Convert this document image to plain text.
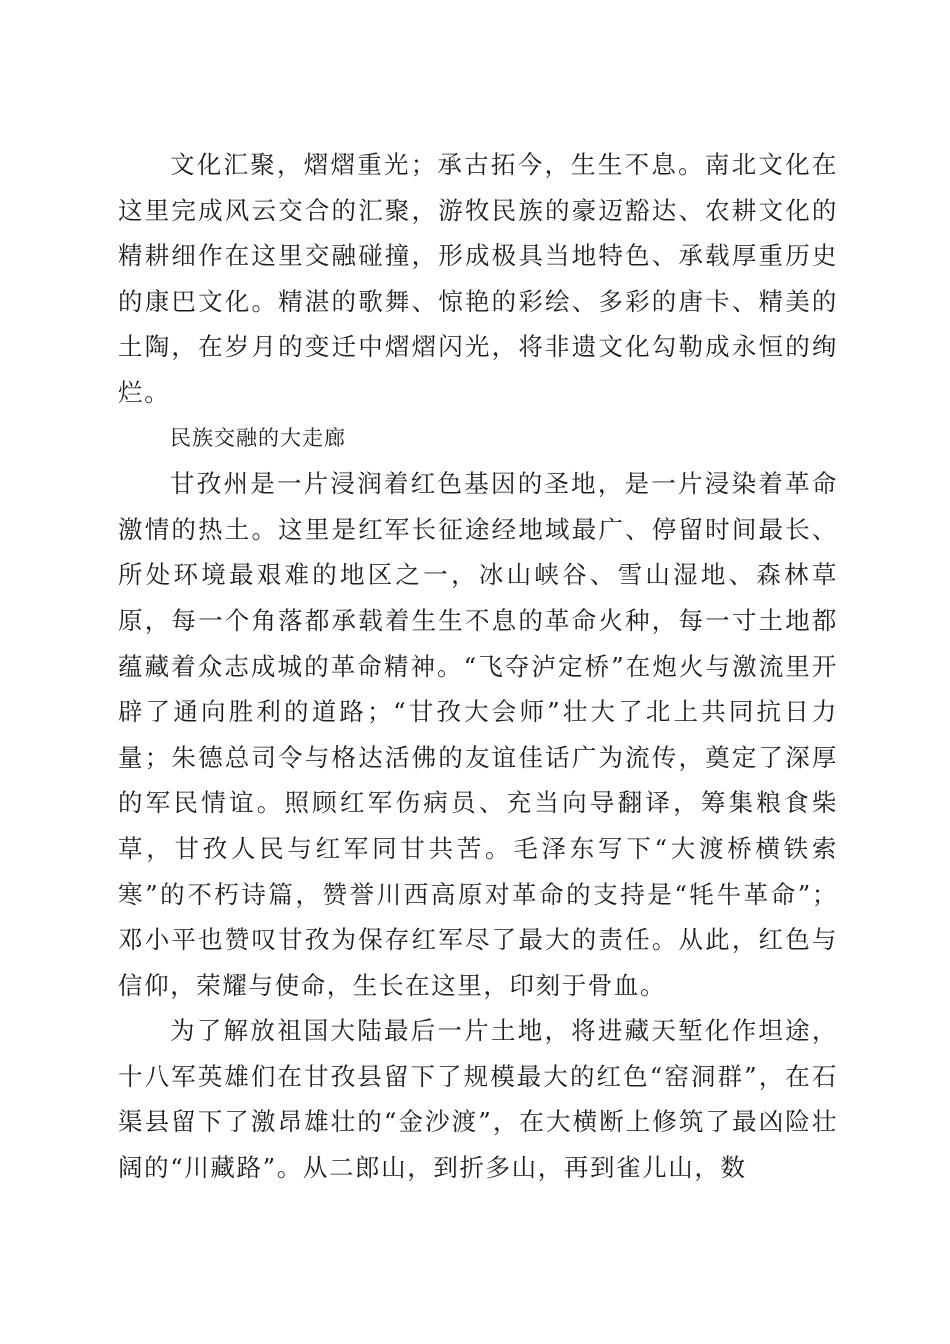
文化汇聚，熠熠重光；承古拓今，生生不息。南北文化在这里完成风云交合的汇聚，游牧民族的豪迈豁达、农耕文化的精耕细作在这里交融碰撞，形成极具当地特色、承载厚重历史的康巴文化。精湛的歌舞、惊艳的彩绘、多彩的唐卡、精美的土陶，在岁月的变迁中熠熠闪光，将非遗文化勾勒成永恒的绚烂。

民族交融的大走廊

甘孜州是一片浸润着红色基因的圣地，是一片浸染着革命激情的热土。这里是红军长征途经地域最广、停留时间最长、所处环境最艰难的地区之一，冰山峡谷、雪山湿地、森林草原，每一个角落都承载着生生不息的革命火种，每一寸土地都蕴藏着众志成城的革命精神。“飞夺泸定桥”在炮火与激流里开辟了通向胜利的道路；“甘孜大会师”壮大了北上共同抗日力量；朱德总司令与格达活佛的友谊佳话广为流传，奠定了深厚的军民情谊。照顾红军伤病员、充当向导翻译，筹集粮食柴草，甘孜人民与红军同甘共苦。毛泽东写下“大渡桥横铁索寒”的不朽诗篇，赞誉川西高原对革命的支持是“牦牛革命”；邓小平也赞叹甘孜为保存红军尽了最大的责任。从此，红色与信仰，荣耀与使命，生长在这里，印刻于骨血。

为了解放祖国大陆最后一片土地，将进藏天堑化作坦途，十八军英雄们在甘孜县留下了规模最大的红色“窑洞群”，在石渠县留下了激昂雄壮的“金沙渡”，在大横断上修筑了最凶险壮阔的“川藏路”。从二郎山，到折多山，再到雀儿山，数
